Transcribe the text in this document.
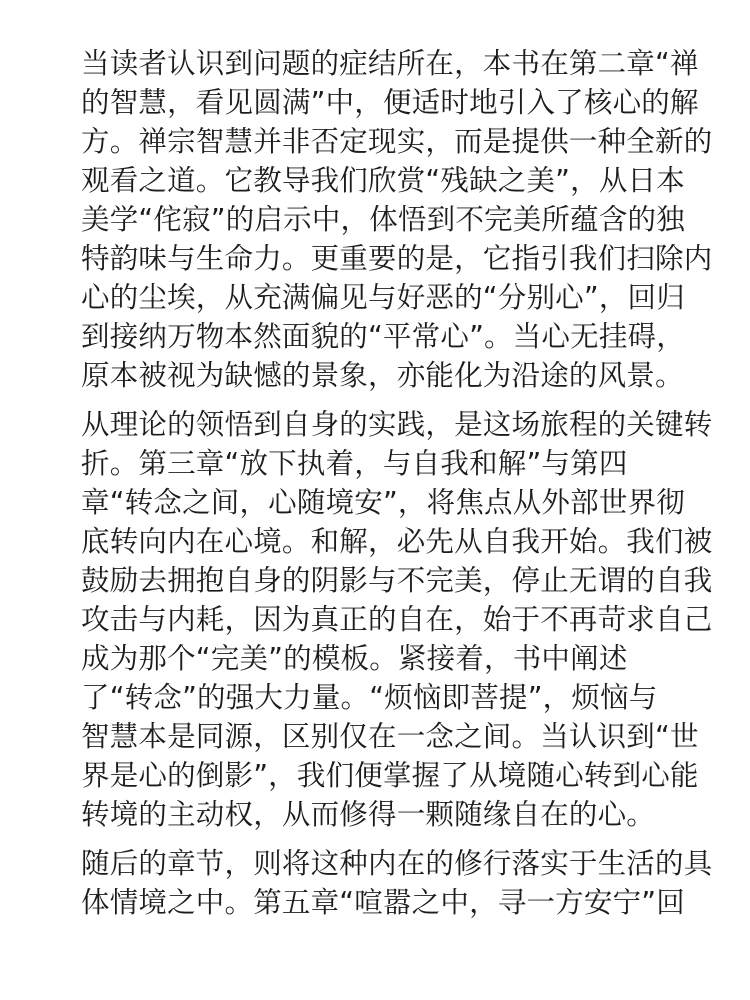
当读者认识到问题的症结所在，本书在第二章“禅
的智慧，看见圆满”中，便适时地引入了核心的解
方。禅宗智慧并非否定现实，而是提供一种全新的
观看之道。它教导我们欣赏“残缺之美”，从日本
美学“侘寂”的启示中，体悟到不完美所蕴含的独
特韵味与生命力。更重要的是，它指引我们扫除内
心的尘埃，从充满偏见与好恶的“分别心”，回归
到接纳万物本然面貌的“平常心”。当心无挂碍，
原本被视为缺憾的景象，亦能化为沿途的风景。
从理论的领悟到自身的实践，是这场旅程的关键转
折。第三章“放下执着，与自我和解”与第四
章“转念之间，心随境安”，将焦点从外部世界彻
底转向内在心境。和解，必先从自我开始。我们被
鼓励去拥抱自身的阴影与不完美，停止无谓的自我
攻击与内耗，因为真正的自在，始于不再苛求自己
成为那个“完美”的模板。紧接着，书中阐述
了“转念”的强大力量。“烦恼即菩提”，烦恼与
智慧本是同源，区别仅在一念之间。当认识到“世
界是心的倒影”，我们便掌握了从境随心转到心能
转境的主动权，从而修得一颗随缘自在的心。
随后的章节，则将这种内在的修行落实于生活的具
体情境之中。第五章“喧嚣之中，寻一方安宁”回
